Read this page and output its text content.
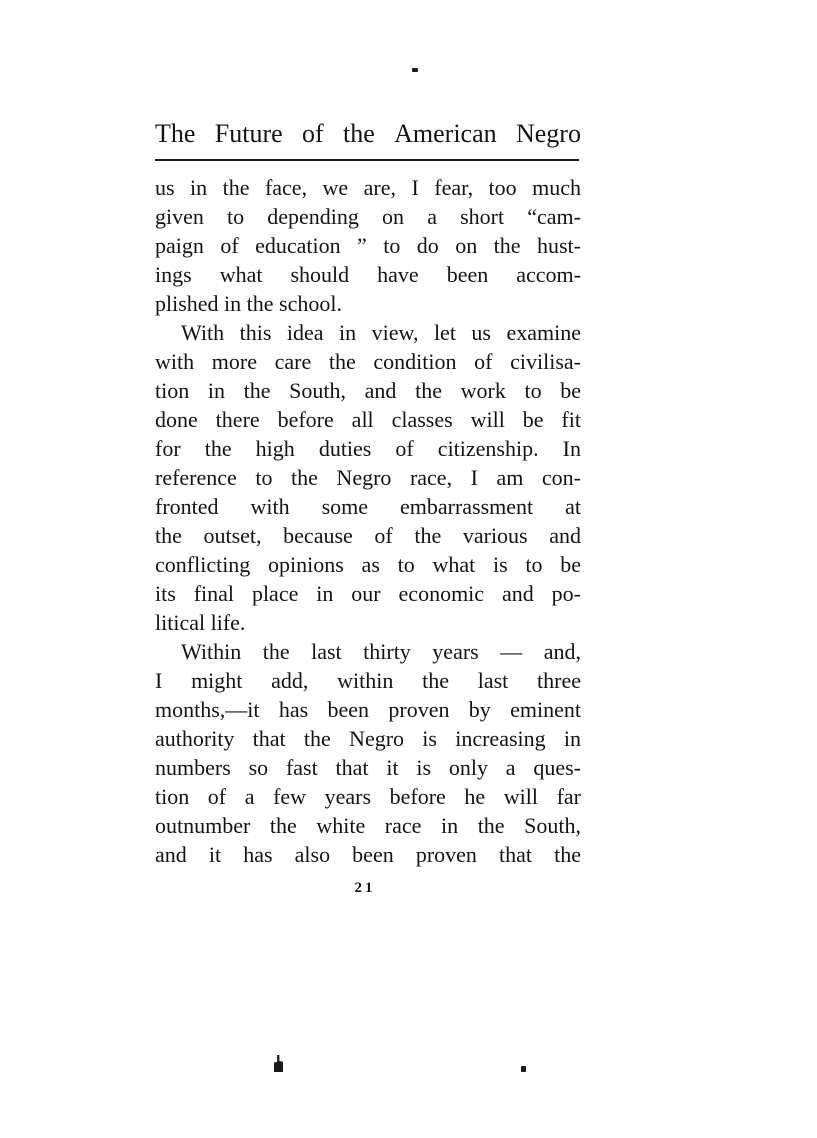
The Future of the American Negro
us in the face, we are, I fear, too much
given to depending on a short “cam-
paign of education ” to do on the hust-
ings what should have been accom-
plished in the school.
With this idea in view, let us examine
with more care the condition of civilisa-
tion in the South, and the work to be
done there before all classes will be fit
for the high duties of citizenship. In
reference to the Negro race, I am con-
fronted with some embarrassment at
the outset, because of the various and
conflicting opinions as to what is to be
its final place in our economic and po-
litical life.
Within the last thirty years — and,
I might add, within the last three
months,—it has been proven by eminent
authority that the Negro is increasing in
numbers so fast that it is only a ques-
tion of a few years before he will far
outnumber the white race in the South,
and it has also been proven that the
21
